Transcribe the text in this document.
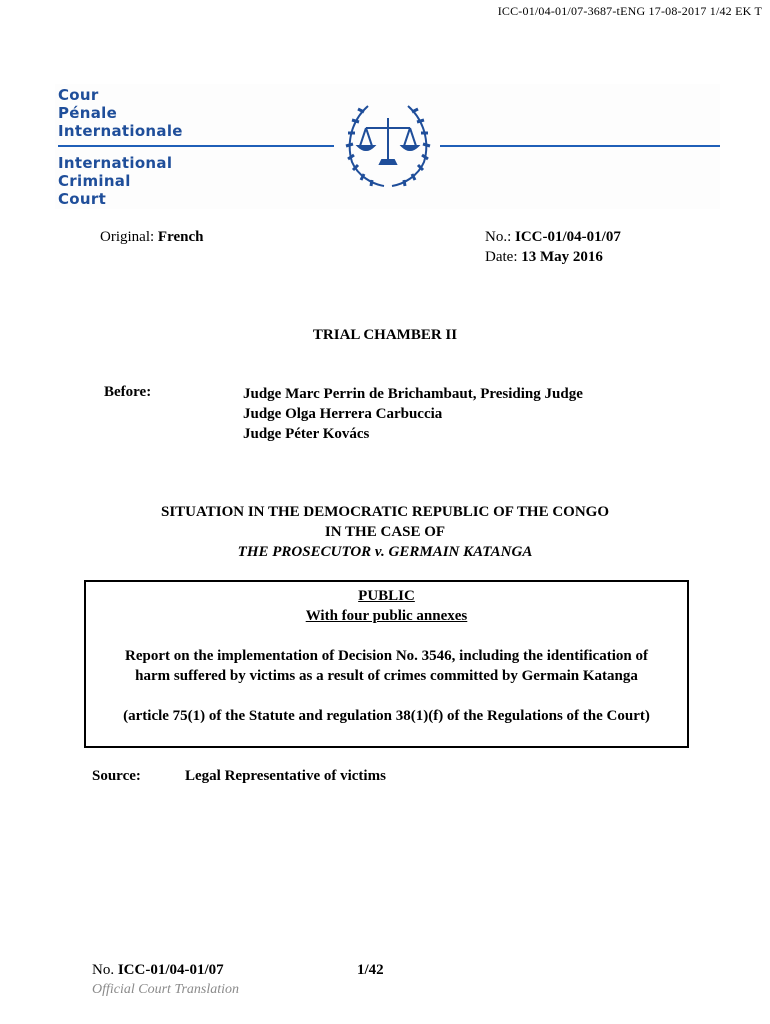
ICC-01/04-01/07-3687-tENG 17-08-2017 1/42 EK T
Cour
Pénale
Internationale
International
Criminal
Court
Original: French	No.: ICC-01/04-01/07
Date: 13 May 2016
TRIAL CHAMBER II
Before:	Judge Marc Perrin de Brichambaut, Presiding Judge
Judge Olga Herrera Carbuccia
Judge Péter Kovács
SITUATION IN THE DEMOCRATIC REPUBLIC OF THE CONGO
IN THE CASE OF
THE PROSECUTOR v. GERMAIN KATANGA
PUBLIC
With four public annexes
Report on the implementation of Decision No. 3546, including the identification of
harm suffered by victims as a result of crimes committed by Germain Katanga
(article 75(1) of the Statute and regulation 38(1)(f) of the Regulations of the Court)
Source:	Legal Representative of victims
No. ICC-01/04-01/07	1/42
Official Court Translation
